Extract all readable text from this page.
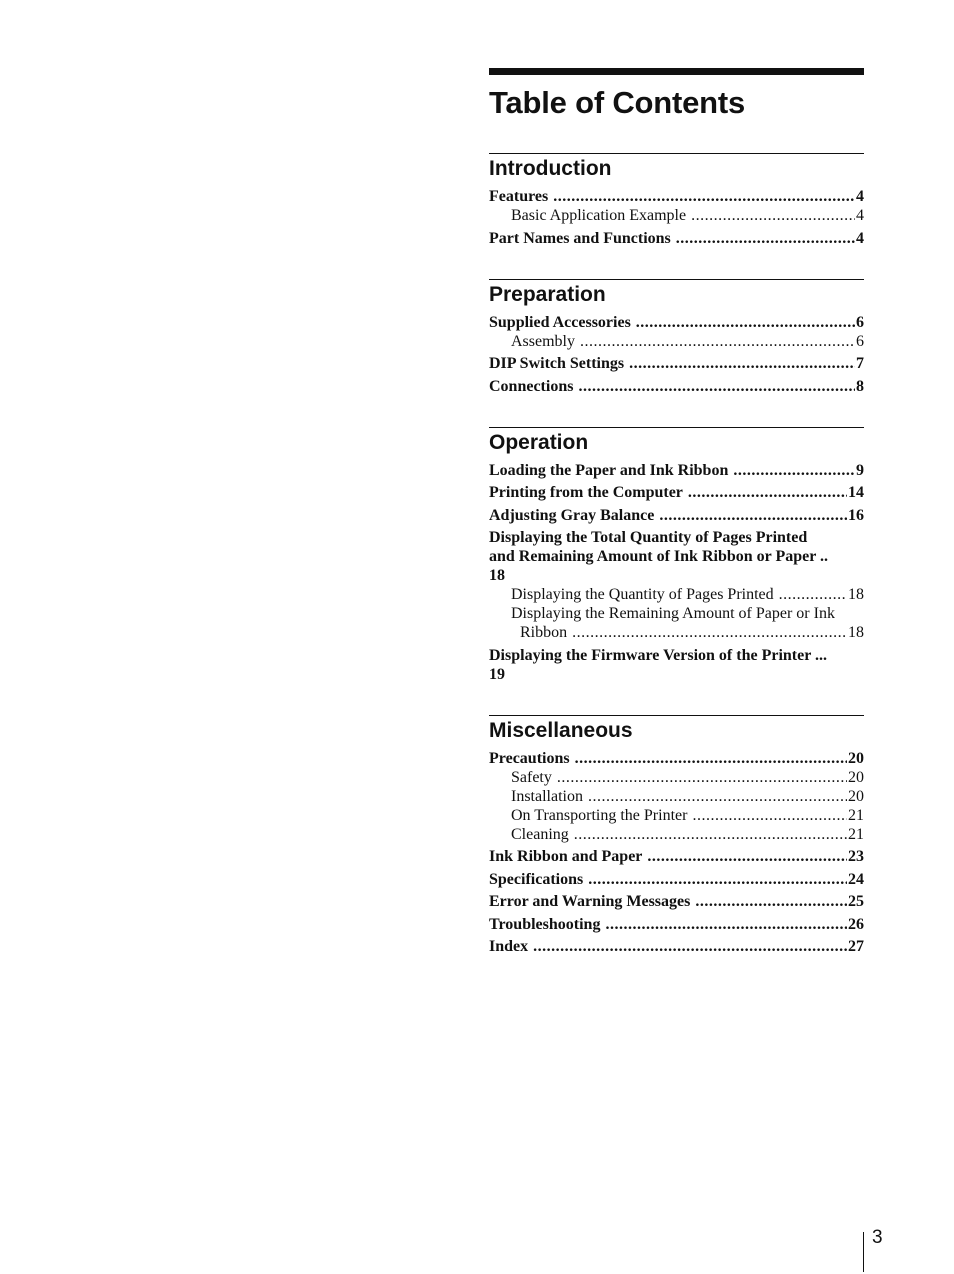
Table of Contents
Introduction
Features .....	4
Basic Application Example .....	4
Part Names and Functions .....	4
Preparation
Supplied Accessories .....	6
Assembly .....	6
DIP Switch Settings .....	7
Connections .....	8
Operation
Loading the Paper and Ink Ribbon .....	9
Printing from the Computer .....	14
Adjusting Gray Balance .....	16
Displaying the Total Quantity of Pages Printed
and Remaining Amount of Ink Ribbon or Paper ..
18
Displaying the Quantity of Pages Printed .....	18
Displaying the Remaining Amount of Paper or Ink
Ribbon .....	18
Displaying the Firmware Version of the Printer ...
19
Miscellaneous
Precautions .....	20
Safety .....	20
Installation .....	20
On Transporting the Printer .....	21
Cleaning .....	21
Ink Ribbon and Paper .....	23
Specifications .....	24
Error and Warning Messages .....	25
Troubleshooting .....	26
Index .....	27
3
